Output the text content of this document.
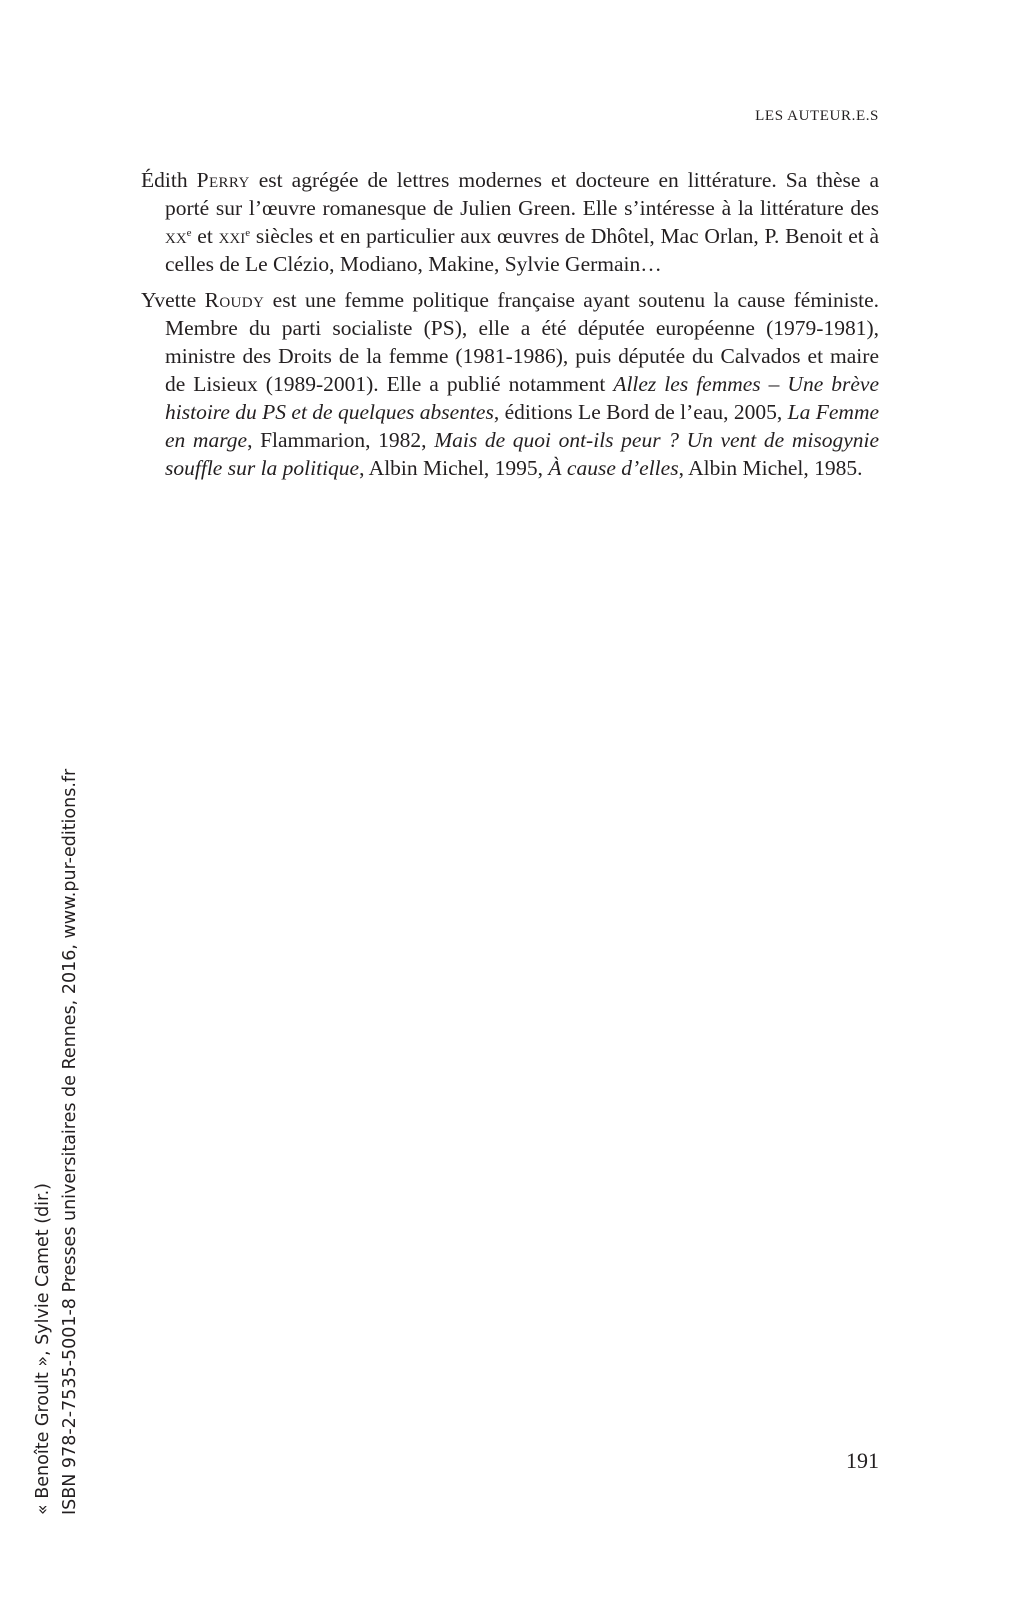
LES AUTEUR.E.S

Édith Perry est agrégée de lettres modernes et docteure en littérature. Sa thèse a porté sur l’œuvre romanesque de Julien Green. Elle s’intéresse à la littérature des $xx^e$ et xxi$^e$ siècles et en particulier aux œuvres de Dhôtel, Mac Orlan, P. Benoit et à celles de Le Clézio, Modiano, Makine, Sylvie Germain…

Yvette Roudy est une femme politique française ayant soutenu la cause féministe. Membre du parti socialiste (PS), elle a été députée européenne (1979-1981), ministre des Droits de la femme (1981-1986), puis députée du Calvados et maire de Lisieux (1989-2001). Elle a publié notamment Allez les femmes – Une brève histoire du PS et de quelques absentes, éditions Le Bord de l’eau, 2005, La Femme en marge, Flammarion, 1982, Mais de quoi ont-ils peur ? Un vent de misogynie souffle sur la politique, Albin Michel, 1995, À cause d’elles, Albin Michel, 1985.

191
« Benoîte Groult », Sylvie Camet (dir.) ISBN 978-2-7535-5001-8 Presses universitaires de Rennes, 2016, www.pur-editions.fr
